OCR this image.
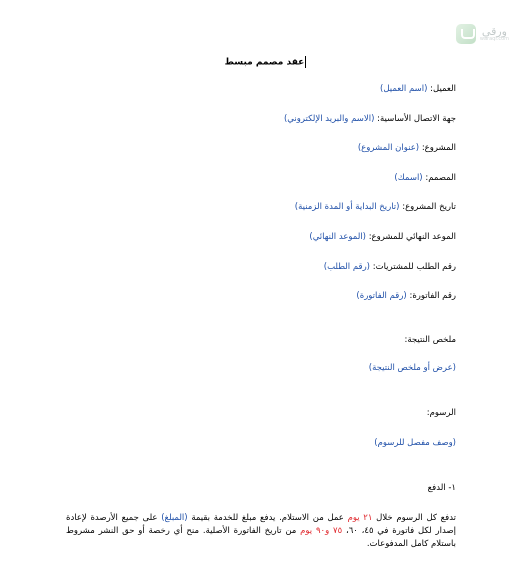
ورقي
waraqi.com
عقد مصمم مبسط
العميل: (اسم العميل)
جهة الاتصال الأساسية: (الاسم والبريد الإلكتروني)
المشروع: (عنوان المشروع)
المصمم: (اسمك)
تاريخ المشروع: (تاريخ البداية أو المدة الزمنية)
الموعد النهائي للمشروع: (الموعد النهائي)
رقم الطلب للمشتريات: (رقم الطلب)
رقم الفاتورة: (رقم الفاتورة)
ملخص النتيجة:
(عرض أو ملخص النتيجة)
الرسوم:
(وصف مفصل للرسوم)
١- الدفع
تدفع كل الرسوم خلال ٢١ يوم عمل من الاستلام. يدفع مبلغ للخدمة بقيمة (المبلغ) على جميع الأرصدة لإعادة إصدار لكل فاتورة في ٤٥، ٦٠، ٧٥ و٩٠ يوم من تاريخ الفاتورة الأصلية. منح أي رخصة أو حق النشر مشروط باستلام كامل المدفوعات.
